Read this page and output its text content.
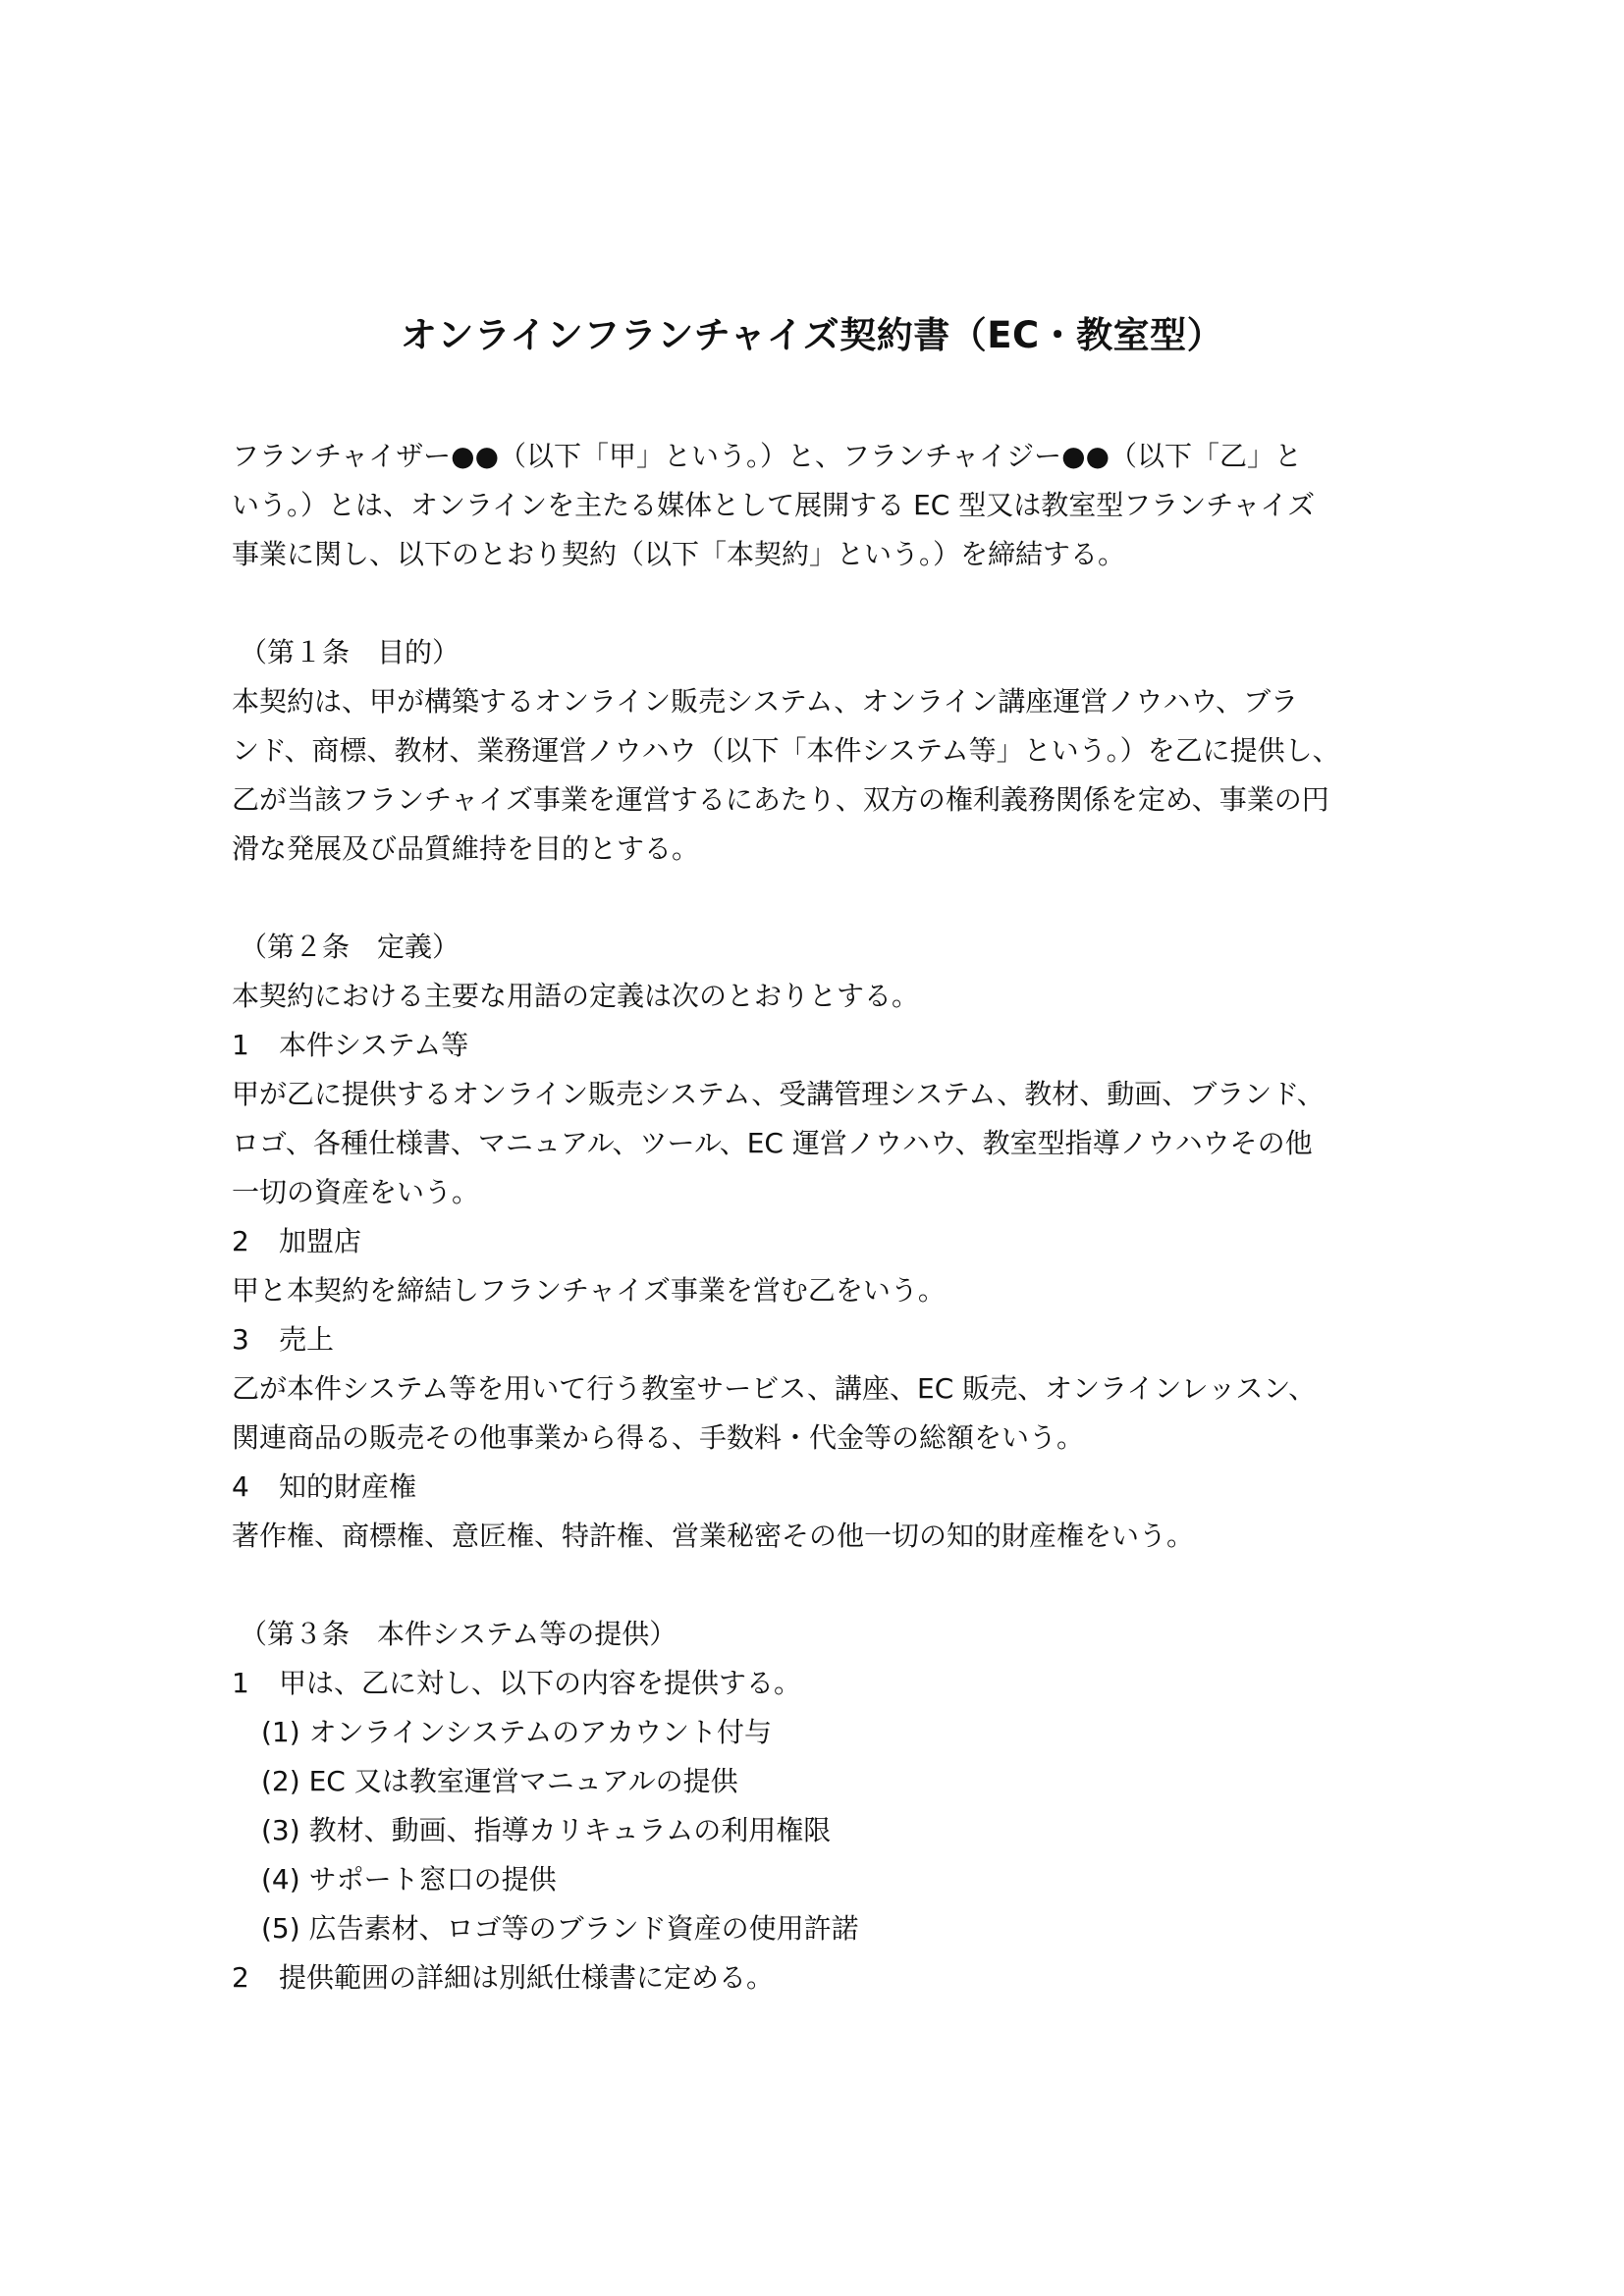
オンラインフランチャイズ契約書（EC・教室型）
フランチャイザー●●（以下「甲」という。）と、フランチャイジー●●（以下「乙」と
いう。）とは、オンラインを主たる媒体として展開する EC 型又は教室型フランチャイズ
事業に関し、以下のとおり契約（以下「本契約」という。）を締結する。
（第１条　目的）
本契約は、甲が構築するオンライン販売システム、オンライン講座運営ノウハウ、ブラ
ンド、商標、教材、業務運営ノウハウ（以下「本件システム等」という。）を乙に提供し、
乙が当該フランチャイズ事業を運営するにあたり、双方の権利義務関係を定め、事業の円
滑な発展及び品質維持を目的とする。
（第２条　定義）
本契約における主要な用語の定義は次のとおりとする。
1 本件システム等
甲が乙に提供するオンライン販売システム、受講管理システム、教材、動画、ブランド、
ロゴ、各種仕様書、マニュアル、ツール、EC 運営ノウハウ、教室型指導ノウハウその他
一切の資産をいう。
2 加盟店
甲と本契約を締結しフランチャイズ事業を営む乙をいう。
3 売上
乙が本件システム等を用いて行う教室サービス、講座、EC 販売、オンラインレッスン、
関連商品の販売その他事業から得る、手数料・代金等の総額をいう。
4 知的財産権
著作権、商標権、意匠権、特許権、営業秘密その他一切の知的財産権をいう。
（第３条　本件システム等の提供）
1 甲は、乙に対し、以下の内容を提供する。
(1) オンラインシステムのアカウント付与
(2) EC 又は教室運営マニュアルの提供
(3) 教材、動画、指導カリキュラムの利用権限
(4) サポート窓口の提供
(5) 広告素材、ロゴ等のブランド資産の使用許諾
2 提供範囲の詳細は別紙仕様書に定める。
